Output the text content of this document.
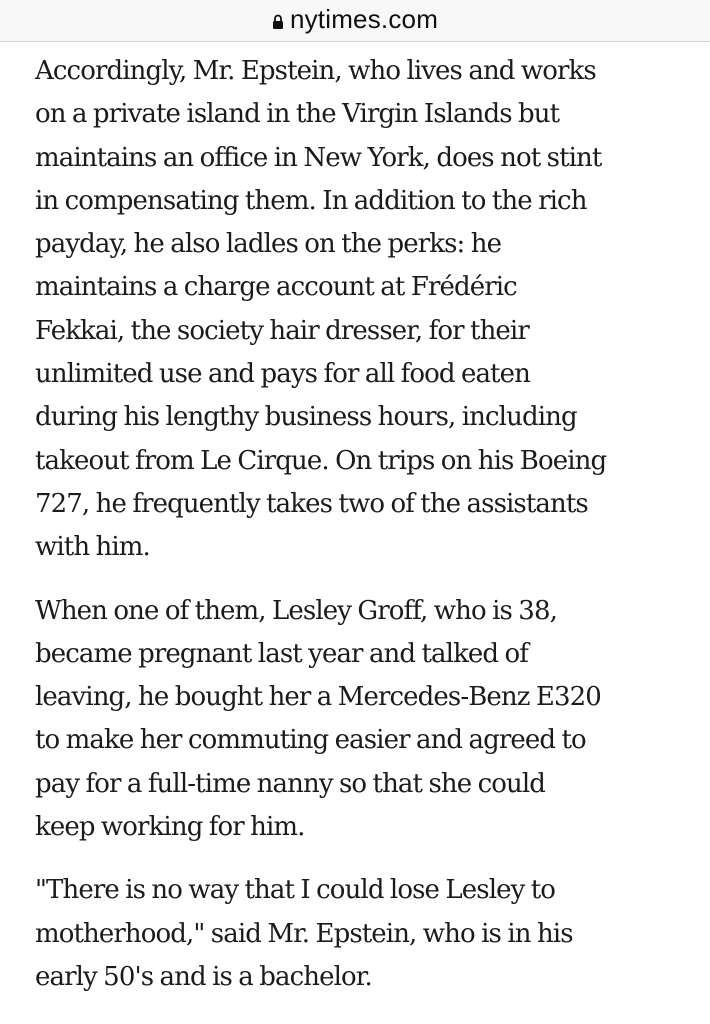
nytimes.com

Accordingly, Mr. Epstein, who lives and works
on a private island in the Virgin Islands but
maintains an office in New York, does not stint
in compensating them. In addition to the rich
payday, he also ladles on the perks: he
maintains a charge account at Frédéric
Fekkai, the society hair dresser, for their
unlimited use and pays for all food eaten
during his lengthy business hours, including
takeout from Le Cirque. On trips on his Boeing
727, he frequently takes two of the assistants
with him.

When one of them, Lesley Groff, who is 38,
became pregnant last year and talked of
leaving, he bought her a Mercedes-Benz E320
to make her commuting easier and agreed to
pay for a full-time nanny so that she could
keep working for him.

"There is no way that I could lose Lesley to
motherhood," said Mr. Epstein, who is in his
early 50's and is a bachelor.
